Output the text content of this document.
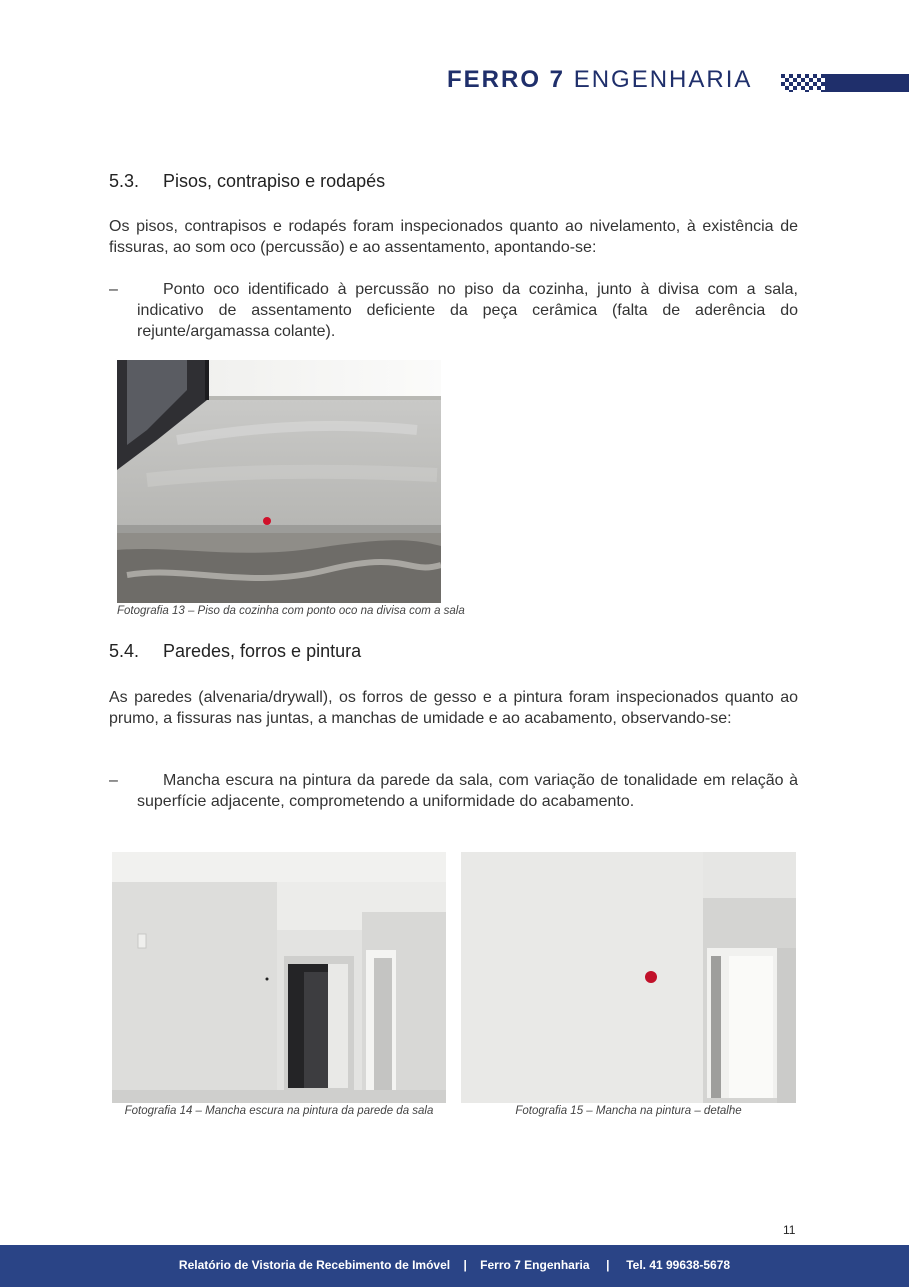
FERRO 7 ENGENHARIA
5.3. Pisos, contrapiso e rodapés

Os pisos, contrapisos e rodapés foram inspecionados quanto ao nivelamento, à existência de fissuras, ao som oco (percussão) e ao assentamento, apontando-se:

–	Ponto oco identificado à percussão no piso da cozinha, junto à divisa com a sala, indicativo de assentamento deficiente da peça cerâmica (falta de aderência do rejunte/argamassa colante).
Fotografia 13 – Piso da cozinha com ponto oco na divisa com a sala
5.4. Paredes, forros e pintura

As paredes (alvenaria/drywall), os forros de gesso e a pintura foram inspecionados quanto ao prumo, a fissuras nas juntas, a manchas de umidade e ao acabamento, observando-se:

–	Mancha escura na pintura da parede da sala, com variação de tonalidade em relação à superfície adjacente, comprometendo a uniformidade do acabamento.
Fotografia 14 – Mancha escura na pintura da parede da sala	Fotografia 15 – Mancha na pintura – detalhe
11
Relatório de Vistoria de Recebimento de Imóvel    |    Ferro 7 Engenharia     |     Tel. 41 99638-5678
